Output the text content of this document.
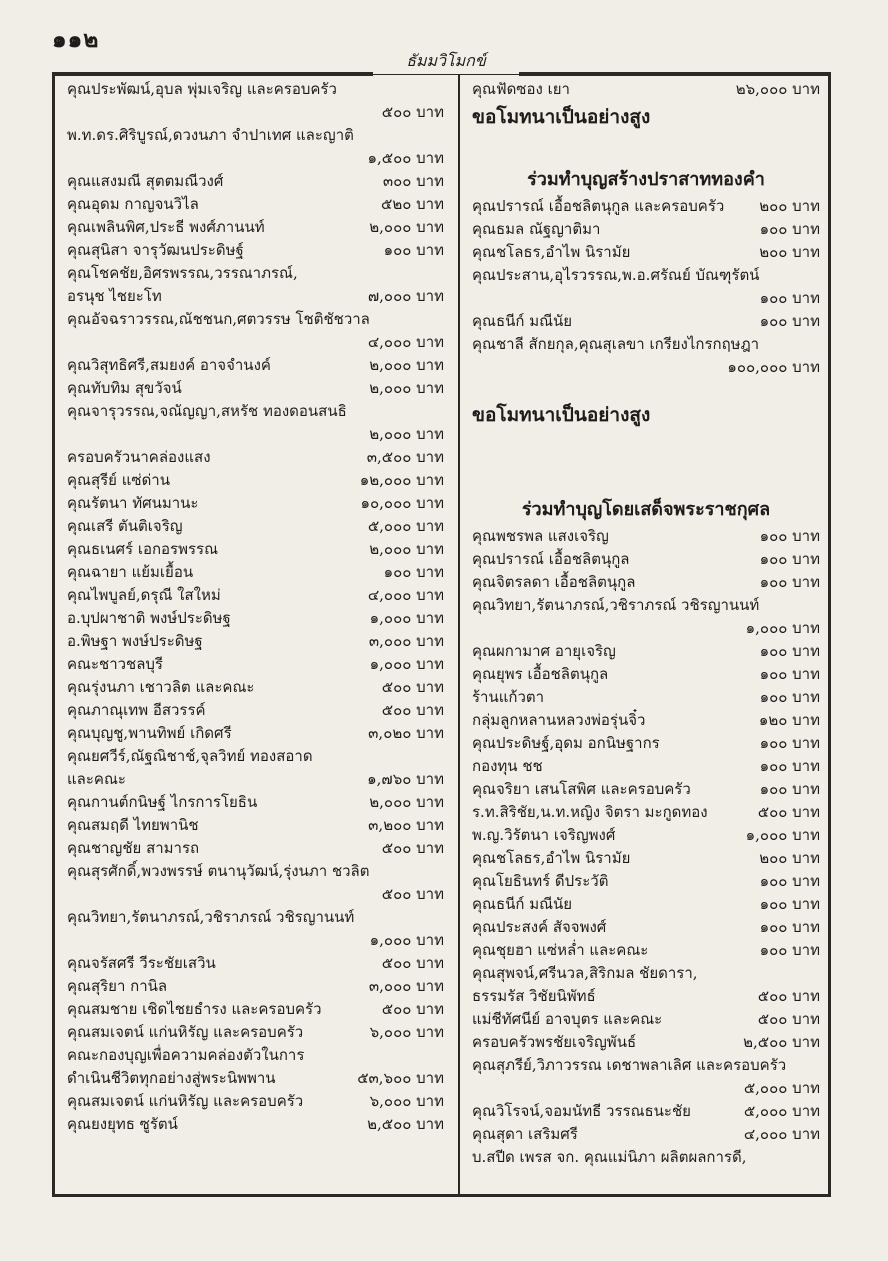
๑๑๒
ธัมมวิโมกข์
คุณประพัฒน์,อุบล พุ่มเจริญ และครอบครัว
๕๐๐ บาท
พ.ท.ดร.ศิริบูรณ์,ดวงนภา จำปาเทศ และญาติ
๑,๕๐๐ บาท
คุณแสงมณี สุตตมณีวงศ์	๓๐๐ บาท
คุณอุดม กาญจนวิไล	๕๒๐ บาท
คุณเพลินพิศ,ประธี พงศ์ภานนท์	๒,๐๐๐ บาท
คุณสุนิสา จารุวัฒนประดิษฐ์	๑๐๐ บาท
คุณโชคชัย,อิศรพรรณ,วรรณาภรณ์,
อรนุช ไชยะโท	๗,๐๐๐ บาท
คุณอัจฉราวรรณ,ณัชชนก,ศตวรรษ โชติชัชวาล
๔,๐๐๐ บาท
คุณวิสุทธิศรี,สมยงค์ อาจจำนงค์	๒,๐๐๐ บาท
คุณทับทิม สุขวัจน์	๒,๐๐๐ บาท
คุณจารุวรรณ,จณัญญา,สหรัช ทองดอนสนธิ
๒,๐๐๐ บาท
ครอบครัวนาคล่องแสง	๓,๕๐๐ บาท
คุณสุรีย์ แซ่ด่าน	๑๒,๐๐๐ บาท
คุณรัตนา ทัศนมานะ	๑๐,๐๐๐ บาท
คุณเสรี ตันติเจริญ	๕,๐๐๐ บาท
คุณธเนศร์ เอกอรพรรณ	๒,๐๐๐ บาท
คุณฉายา แย้มเยื้อน	๑๐๐ บาท
คุณไพบูลย์,ดรุณี ใสใหม่	๔,๐๐๐ บาท
อ.บุปผาชาติ พงษ์ประดิษฐ	๑,๐๐๐ บาท
อ.พิษฐา พงษ์ประดิษฐ	๓,๐๐๐ บาท
คณะชาวชลบุรี	๑,๐๐๐ บาท
คุณรุ่งนภา เชาวลิต และคณะ	๕๐๐ บาท
คุณภาณุเทพ อีสวรรค์	๕๐๐ บาท
คุณบุญชู,พานทิพย์ เกิดศรี	๓,๐๒๐ บาท
คุณยศวีร์,ณัฐณิชาช์,จุลวิทย์ ทองสอาด
และคณะ	๑,๗๖๐ บาท
คุณกานต์กนิษฐ์ ไกรการโยธิน	๒,๐๐๐ บาท
คุณสมฤดี ไทยพานิช	๓,๒๐๐ บาท
คุณชาญชัย สามารถ	๕๐๐ บาท
คุณสุรศักดิ์,พวงพรรษ์ ตนานุวัฒน์,รุ่งนภา ชวลิต
๕๐๐ บาท
คุณวิทยา,รัตนาภรณ์,วชิราภรณ์ วชิรญานนท์
๑,๐๐๐ บาท
คุณจรัสศรี วีระชัยเสวิน	๕๐๐ บาท
คุณสุริยา กานิล	๓,๐๐๐ บาท
คุณสมชาย เชิดไชยธำรง และครอบครัว	๕๐๐ บาท
คุณสมเจตน์ แก่นหิรัญ และครอบครัว	๖,๐๐๐ บาท
คณะกองบุญเพื่อความคล่องตัวในการ
ดำเนินชีวิตทุกอย่างสู่พระนิพพาน	๕๓,๖๐๐ บาท
คุณสมเจตน์ แก่นหิรัญ และครอบครัว	๖,๐๐๐ บาท
คุณยงยุทธ ซูรัตน์	๒,๕๐๐ บาท
คุณฟัดซอง เยา	๒๖,๐๐๐ บาท
ขอโมทนาเป็นอย่างสูง
ร่วมทำบุญสร้างปราสาททองคำ
คุณปรารณ์ เอื้อชลิตนุกูล และครอบครัว ๒๐๐ บาท
คุณธมล ณัฐญาติมา	๑๐๐ บาท
คุณชโลธร,อำไพ นิรามัย	๒๐๐ บาท
คุณประสาน,อุไรวรรณ,พ.อ.ศรัณย์ บัณฑุรัตน์
๑๐๐ บาท
คุณธนีก์ มณีนัย	๑๐๐ บาท
คุณชาลี สักยกุล,คุณสุเลขา เกรียงไกรกฤษฎา
๑๐๐,๐๐๐ บาท
ขอโมทนาเป็นอย่างสูง
ร่วมทำบุญโดยเสด็จพระราชกุศล
คุณพชรพล แสงเจริญ	๑๐๐ บาท
คุณปรารณ์ เอื้อชลิตนุกูล	๑๐๐ บาท
คุณจิตรลดา เอื้อชลิตนุกูล	๑๐๐ บาท
คุณวิทยา,รัตนาภรณ์,วชิราภรณ์ วชิรญานนท์
๑,๐๐๐ บาท
คุณผกามาศ อายุเจริญ	๑๐๐ บาท
คุณยุพร เอื้อชลิตนุกูล	๑๐๐ บาท
ร้านแก้วตา	๑๐๐ บาท
กลุ่มลูกหลานหลวงพ่อรุ่นจิ๋ว	๑๒๐ บาท
คุณประดิษฐ์,อุดม อกนิษฐากร	๑๐๐ บาท
กองทุน ชช	๑๐๐ บาท
คุณจริยา เสนโสพิศ และครอบครัว	๑๐๐ บาท
ร.ท.สิริชัย,น.ท.หญิง จิตรา มะกูดทอง	๕๐๐ บาท
พ.ญ.วิรัตนา เจริญพงศ์	๑,๐๐๐ บาท
คุณชโลธร,อำไพ นิรามัย	๒๐๐ บาท
คุณโยธินทร์ ดีประวัติ	๑๐๐ บาท
คุณธนีก์ มณีนัย	๑๐๐ บาท
คุณประสงค์ สัจจพงศ์	๑๐๐ บาท
คุณชุยฮา แซ่หล่ำ และคณะ	๑๐๐ บาท
คุณสุพจน์,ศรีนวล,สิริกมล ชัยดารา,
ธรรมรัส วิชัยนิพัทธ์	๕๐๐ บาท
แม่ชีทัศนีย์ อาจบุตร และคณะ	๕๐๐ บาท
ครอบครัวพรชัยเจริญพันธ์	๒,๕๐๐ บาท
คุณสุภรีย์,วิภาวรรณ เดชาพลาเลิศ และครอบครัว
๕,๐๐๐ บาท
คุณวิโรจน์,จอมนัทธี วรรณธนะชัย	๕,๐๐๐ บาท
คุณสุดา เสริมศรี	๔,๐๐๐ บาท
บ.สปีด เพรส จก. คุณแม่นิภา ผลิตผลการดี,
